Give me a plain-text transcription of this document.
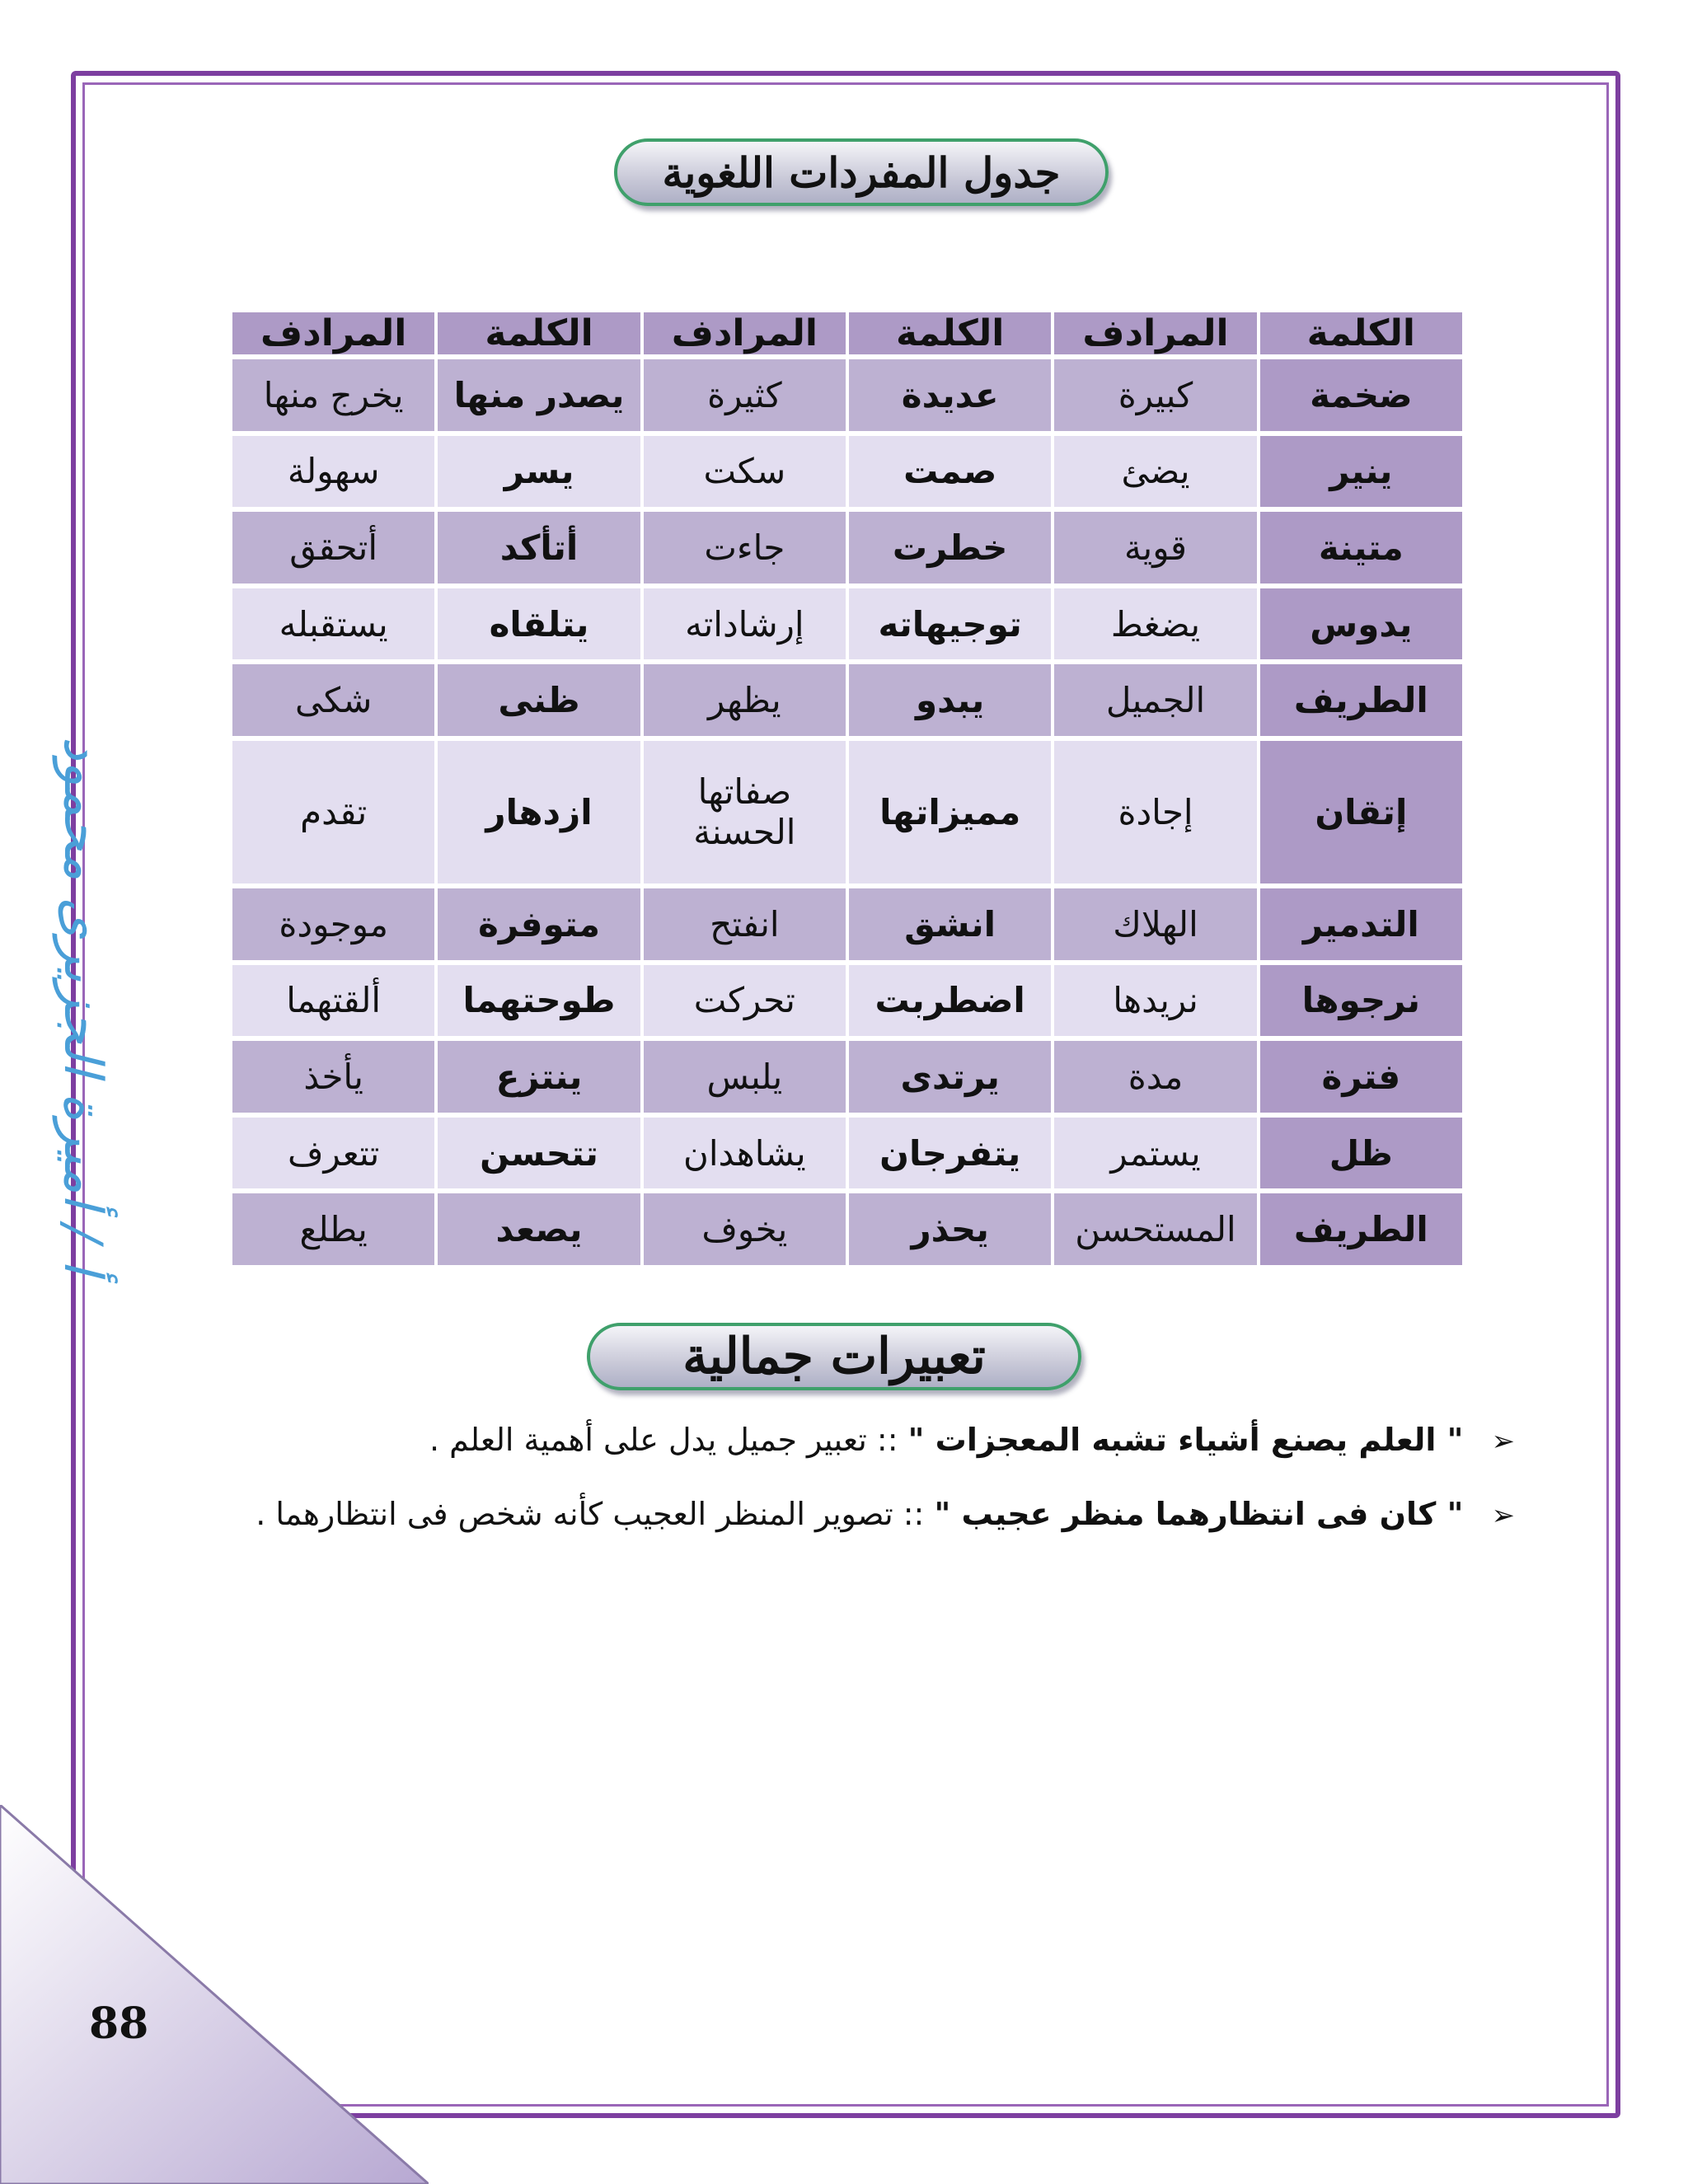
جدول المفردات اللغوية
الكلمة	المرادف	الكلمة	المرادف	الكلمة	المرادف
ضخمة	كبيرة	عديدة	كثيرة	يصدر منها	يخرج منها
ينير	يضئ	صمت	سكت	يسر	سهولة
متينة	قوية	خطرت	جاءت	أتأكد	أتحقق
يدوس	يضغط	توجيهاته	إرشاداته	يتلقاه	يستقبله
الطريف	الجميل	يبدو	يظهر	ظنى	شكى
إتقان	إجادة	مميزاتها	صفاتها الحسنة	ازدهار	تقدم
التدمير	الهلاك	انشق	انفتح	متوفرة	موجودة
نرجوها	نريدها	اضطربت	تحركت	طوحتهما	ألقتهما
فترة	مدة	يرتدى	يلبس	ينتزع	يأخذ
ظل	يستمر	يتفرجان	يشاهدان	تتحسن	تتعرف
الطريف	المستحسن	يحذر	يخوف	يصعد	يطلع
تعبيرات جمالية
➢ " العلم يصنع أشياء تشبه المعجزات " :: تعبير جميل يدل على أهمية العلم .
➢ " كان فى انتظارهما منظر عجيب " :: تصوير المنظر العجيب كأنه شخص فى انتظارهما .
أ / أميرة الجزيرى محمود
88
